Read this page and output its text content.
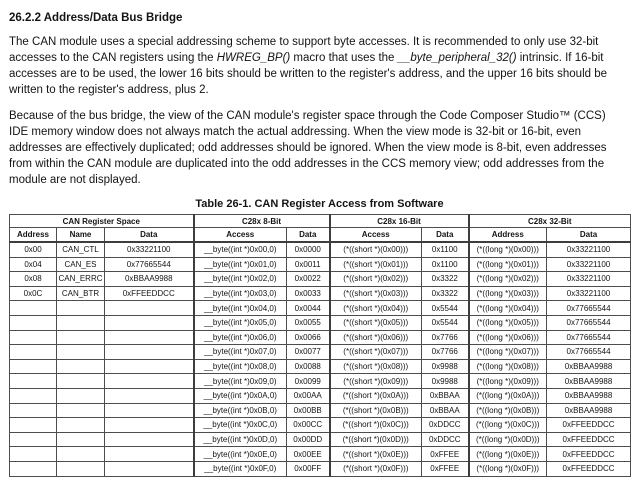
26.2.2 Address/Data Bus Bridge

The CAN module uses a special addressing scheme to support byte accesses. It is recommended to only use 32-bit accesses to the CAN registers using the HWREG_BP() macro that uses the __byte_peripheral_32() intrinsic. If 16-bit accesses are to be used, the lower 16 bits should be written to the register's address, and the upper 16 bits should be written to the register's address, plus 2.

Because of the bus bridge, the view of the CAN module's register space through the Code Composer Studio™ (CCS) IDE memory window does not always match the actual addressing. When the view mode is 32-bit or 16-bit, even addresses are effectively duplicated; odd addresses should be ignored. When the view mode is 8-bit, even addresses from within the CAN module are duplicated into the odd addresses in the CCS memory view; odd addresses from the module are not displayed.

Table 26-1. CAN Register Access from Software
CAN Register Space			C28x 8-Bit		C28x 16-Bit		C28x 32-Bit	
Address	Name	Data	Access	Data	Access	Data	Address	Data
0x00	CAN_CTL	0x33221100	__byte((int *)0x00,0)	0x0000	(*((short *)(0x00)))	0x1100	(*((long *)(0x00)))	0x33221100
0x04	CAN_ES	0x77665544	__byte((int *)0x01,0)	0x0011	(*((short *)(0x01)))	0x1100	(*((long *)(0x01)))	0x33221100
0x08	CAN_ERRC	0xBBAA9988	__byte((int *)0x02,0)	0x0022	(*((short *)(0x02)))	0x3322	(*((long *)(0x02)))	0x33221100
0x0C	CAN_BTR	0xFFEEDDCC	__byte((int *)0x03,0)	0x0033	(*((short *)(0x03)))	0x3322	(*((long *)(0x03)))	0x33221100
			__byte((int *)0x04,0)	0x0044	(*((short *)(0x04)))	0x5544	(*((long *)(0x04)))	0x77665544
			__byte((int *)0x05,0)	0x0055	(*((short *)(0x05)))	0x5544	(*((long *)(0x05)))	0x77665544
			__byte((int *)0x06,0)	0x0066	(*((short *)(0x06)))	0x7766	(*((long *)(0x06)))	0x77665544
			__byte((int *)0x07,0)	0x0077	(*((short *)(0x07)))	0x7766	(*((long *)(0x07)))	0x77665544
			__byte((int *)0x08,0)	0x0088	(*((short *)(0x08)))	0x9988	(*((long *)(0x08)))	0xBBAA9988
			__byte((int *)0x09,0)	0x0099	(*((short *)(0x09)))	0x9988	(*((long *)(0x09)))	0xBBAA9988
			__byte((int *)0x0A,0)	0x00AA	(*((short *)(0x0A)))	0xBBAA	(*((long *)(0x0A)))	0xBBAA9988
			__byte((int *)0x0B,0)	0x00BB	(*((short *)(0x0B)))	0xBBAA	(*((long *)(0x0B)))	0xBBAA9988
			__byte((int *)0x0C,0)	0x00CC	(*((short *)(0x0C)))	0xDDCC	(*((long *)(0x0C)))	0xFFEEDDCC
			__byte((int *)0x0D,0)	0x00DD	(*((short *)(0x0D)))	0xDDCC	(*((long *)(0x0D)))	0xFFEEDDCC
			__byte((int *)0x0E,0)	0x00EE	(*((short *)(0x0E)))	0xFFEE	(*((long *)(0x0E)))	0xFFEEDDCC
			__byte((int *)0x0F,0)	0x00FF	(*((short *)(0x0F)))	0xFFEE	(*((long *)(0x0F)))	0xFFEEDDCC
